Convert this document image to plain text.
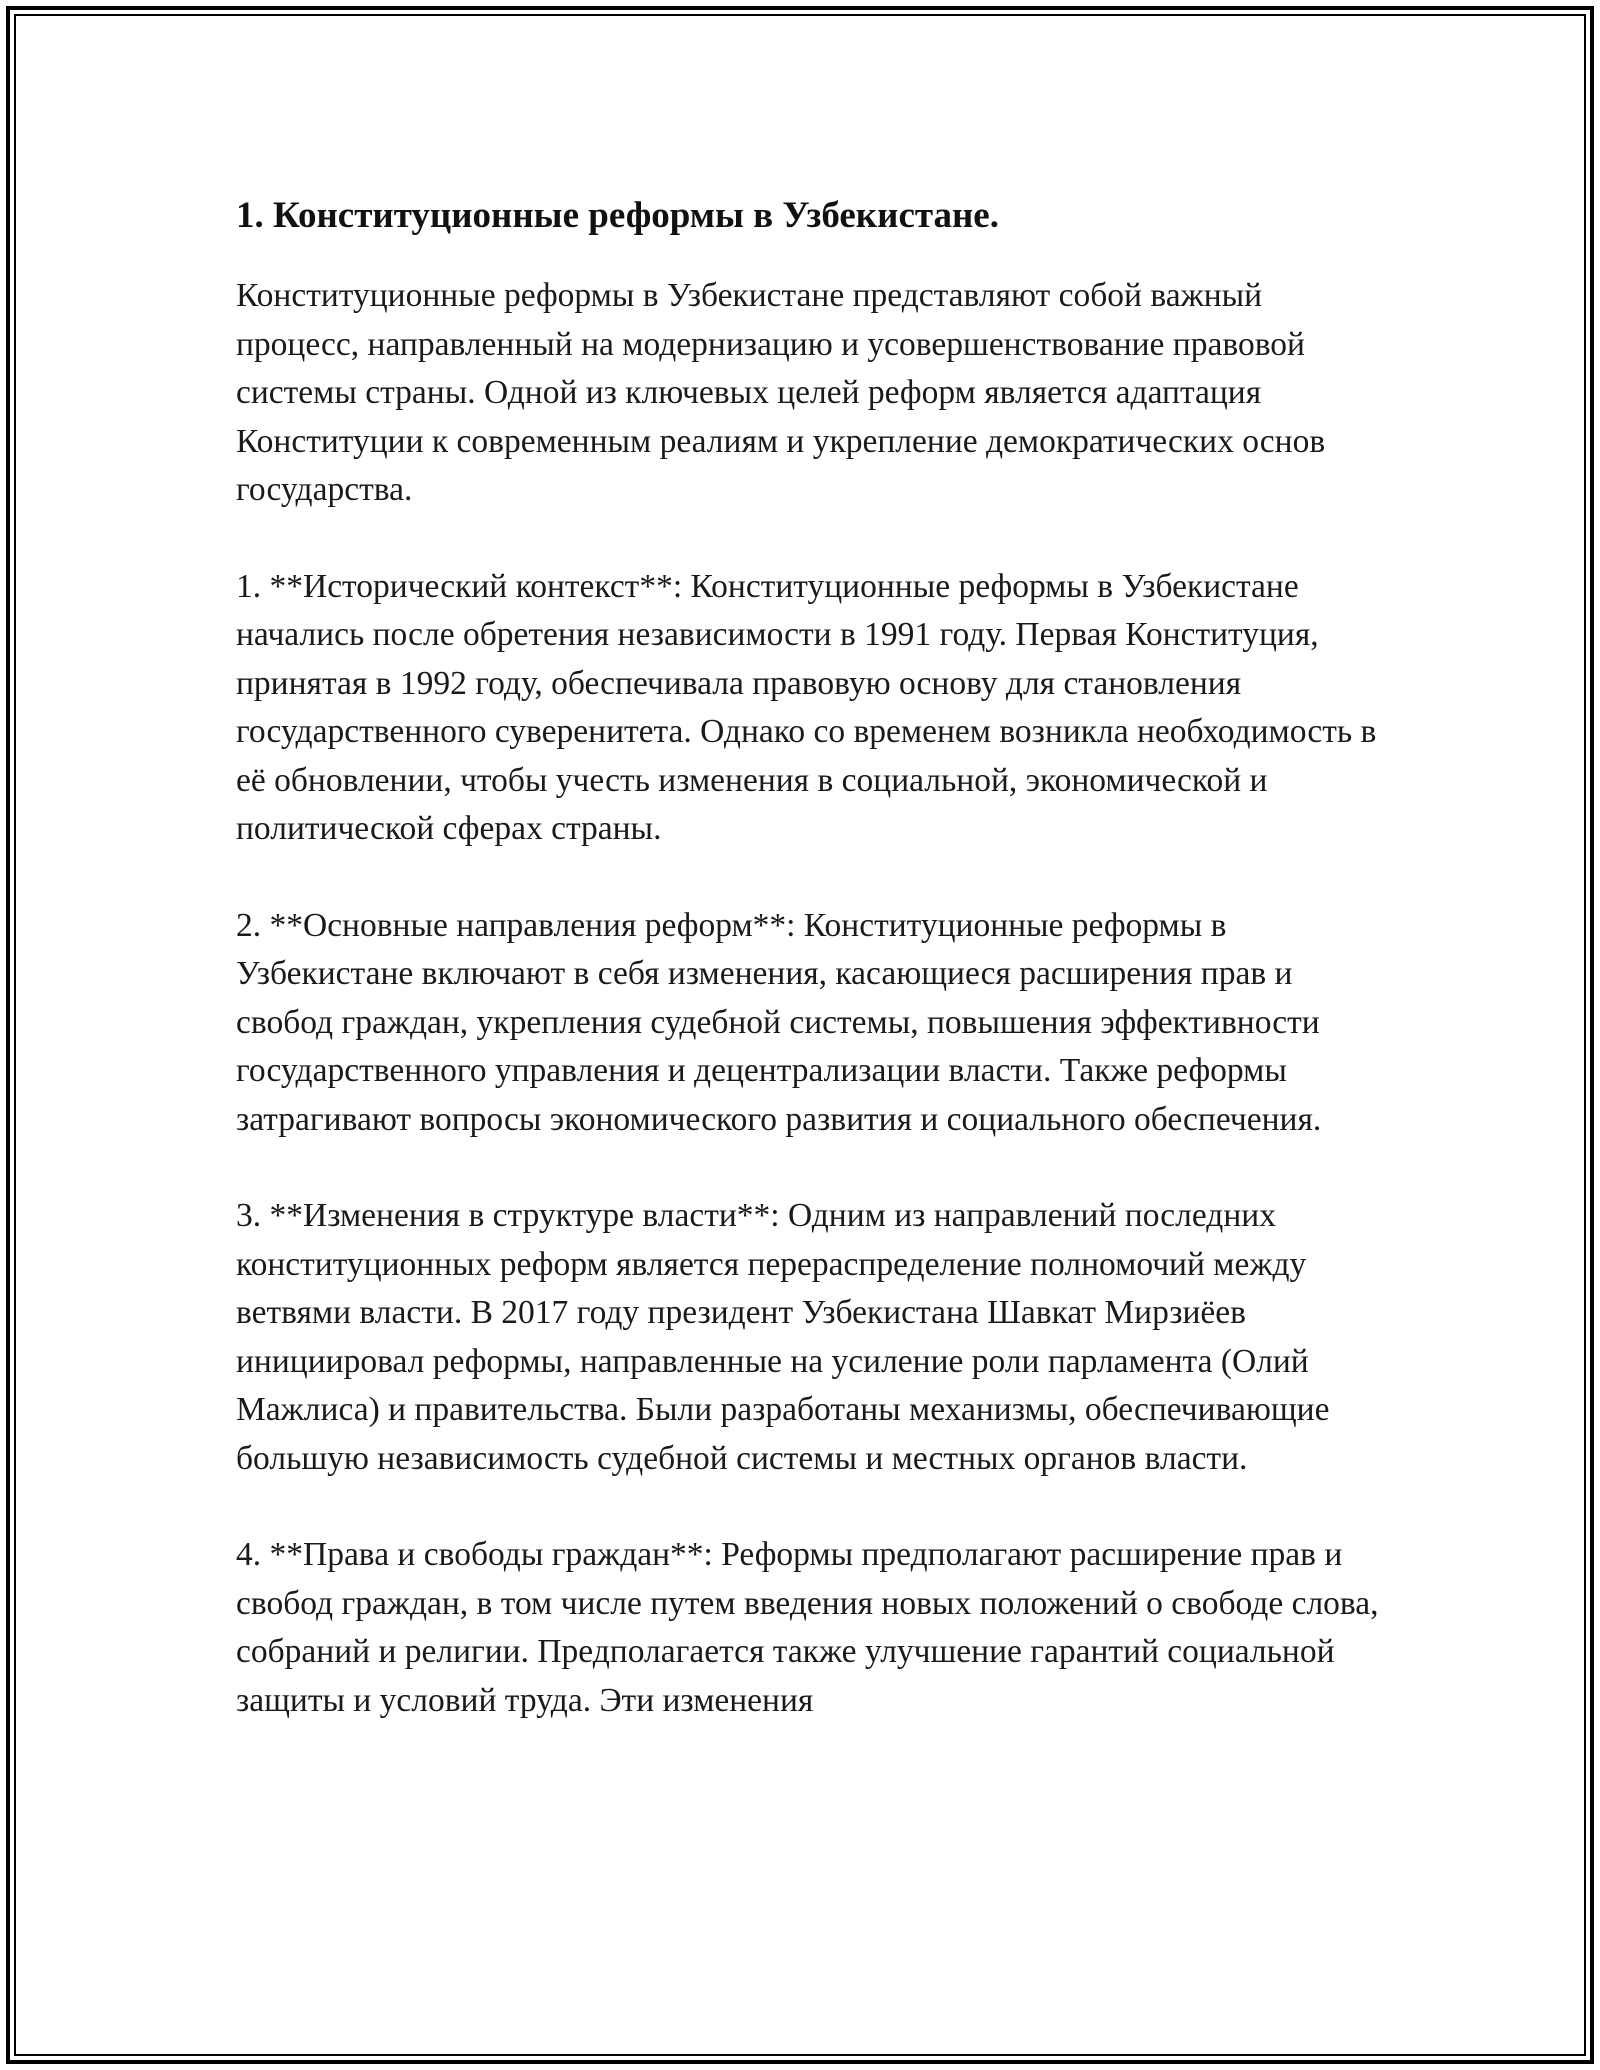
1. Конституционные реформы в Узбекистане.

Конституционные реформы в Узбекистане представляют собой важный процесс, направленный на модернизацию и усовершенствование правовой системы страны. Одной из ключевых целей реформ является адаптация Конституции к современным реалиям и укрепление демократических основ государства.

1. **Исторический контекст**: Конституционные реформы в Узбекистане начались после обретения независимости в 1991 году. Первая Конституция, принятая в 1992 году, обеспечивала правовую основу для становления государственного суверенитета. Однако со временем возникла необходимость в её обновлении, чтобы учесть изменения в социальной, экономической и политической сферах страны.

2. **Основные направления реформ**: Конституционные реформы в Узбекистане включают в себя изменения, касающиеся расширения прав и свобод граждан, укрепления судебной системы, повышения эффективности государственного управления и децентрализации власти. Также реформы затрагивают вопросы экономического развития и социального обеспечения.

3. **Изменения в структуре власти**: Одним из направлений последних конституционных реформ является перераспределение полномочий между ветвями власти. В 2017 году президент Узбекистана Шавкат Мирзиёев инициировал реформы, направленные на усиление роли парламента (Олий Мажлиса) и правительства. Были разработаны механизмы, обеспечивающие большую независимость судебной системы и местных органов власти.

4. **Права и свободы граждан**: Реформы предполагают расширение прав и свобод граждан, в том числе путем введения новых положений о свободе слова, собраний и религии. Предполагается также улучшение гарантий социальной защиты и условий труда. Эти изменения
